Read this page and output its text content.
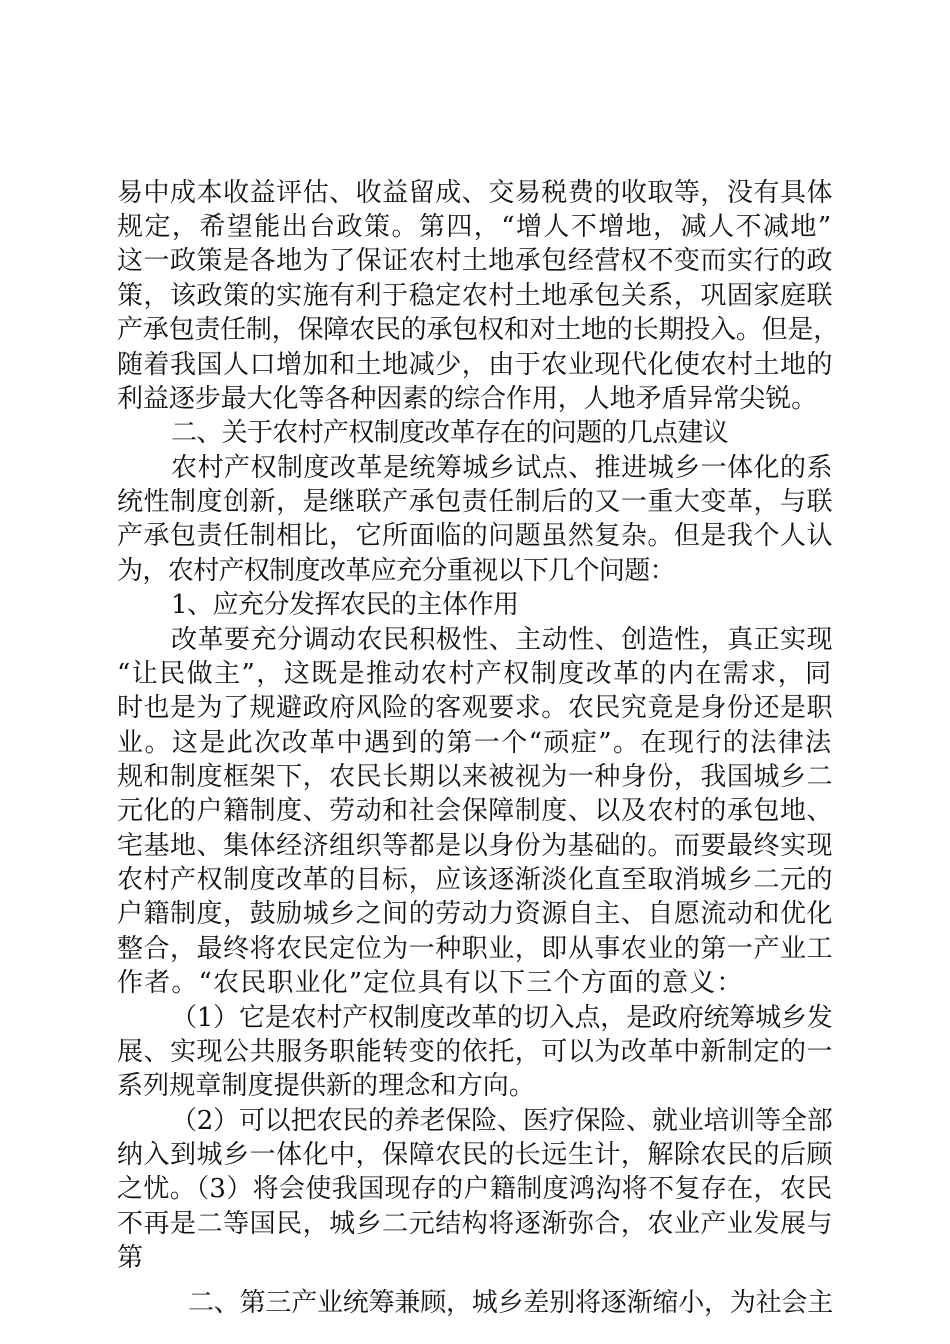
易中成本收益评估、收益留成、交易税费的收取等，没有具体
规定，希望能出台政策。第四，“增人不增地，减人不减地”
这一政策是各地为了保证农村土地承包经营权不变而实行的政
策，该政策的实施有利于稳定农村土地承包关系，巩固家庭联
产承包责任制，保障农民的承包权和对土地的长期投入。但是，
随着我国人口增加和土地减少，由于农业现代化使农村土地的
利益逐步最大化等各种因素的综合作用，人地矛盾异常尖锐。
二、关于农村产权制度改革存在的问题的几点建议
农村产权制度改革是统筹城乡试点、推进城乡一体化的系
统性制度创新，是继联产承包责任制后的又一重大变革，与联
产承包责任制相比，它所面临的问题虽然复杂。但是我个人认
为，农村产权制度改革应充分重视以下几个问题：
1、应充分发挥农民的主体作用
改革要充分调动农民积极性、主动性、创造性，真正实现
“让民做主”，这既是推动农村产权制度改革的内在需求，同
时也是为了规避政府风险的客观要求。农民究竟是身份还是职
业。这是此次改革中遇到的第一个“顽症”。在现行的法律法
规和制度框架下，农民长期以来被视为一种身份，我国城乡二
元化的户籍制度、劳动和社会保障制度、以及农村的承包地、
宅基地、集体经济组织等都是以身份为基础的。而要最终实现
农村产权制度改革的目标，应该逐渐淡化直至取消城乡二元的
户籍制度，鼓励城乡之间的劳动力资源自主、自愿流动和优化
整合，最终将农民定位为一种职业，即从事农业的第一产业工
作者。“农民职业化”定位具有以下三个方面的意义：
（1）它是农村产权制度改革的切入点，是政府统筹城乡发
展、实现公共服务职能转变的依托，可以为改革中新制定的一
系列规章制度提供新的理念和方向。
（2）可以把农民的养老保险、医疗保险、就业培训等全部
纳入到城乡一体化中，保障农民的长远生计，解除农民的后顾
之忧。（3）将会使我国现存的户籍制度鸿沟将不复存在，农民
不再是二等国民，城乡二元结构将逐渐弥合，农业产业发展与
第
二、第三产业统筹兼顾，城乡差别将逐渐缩小，为社会主
